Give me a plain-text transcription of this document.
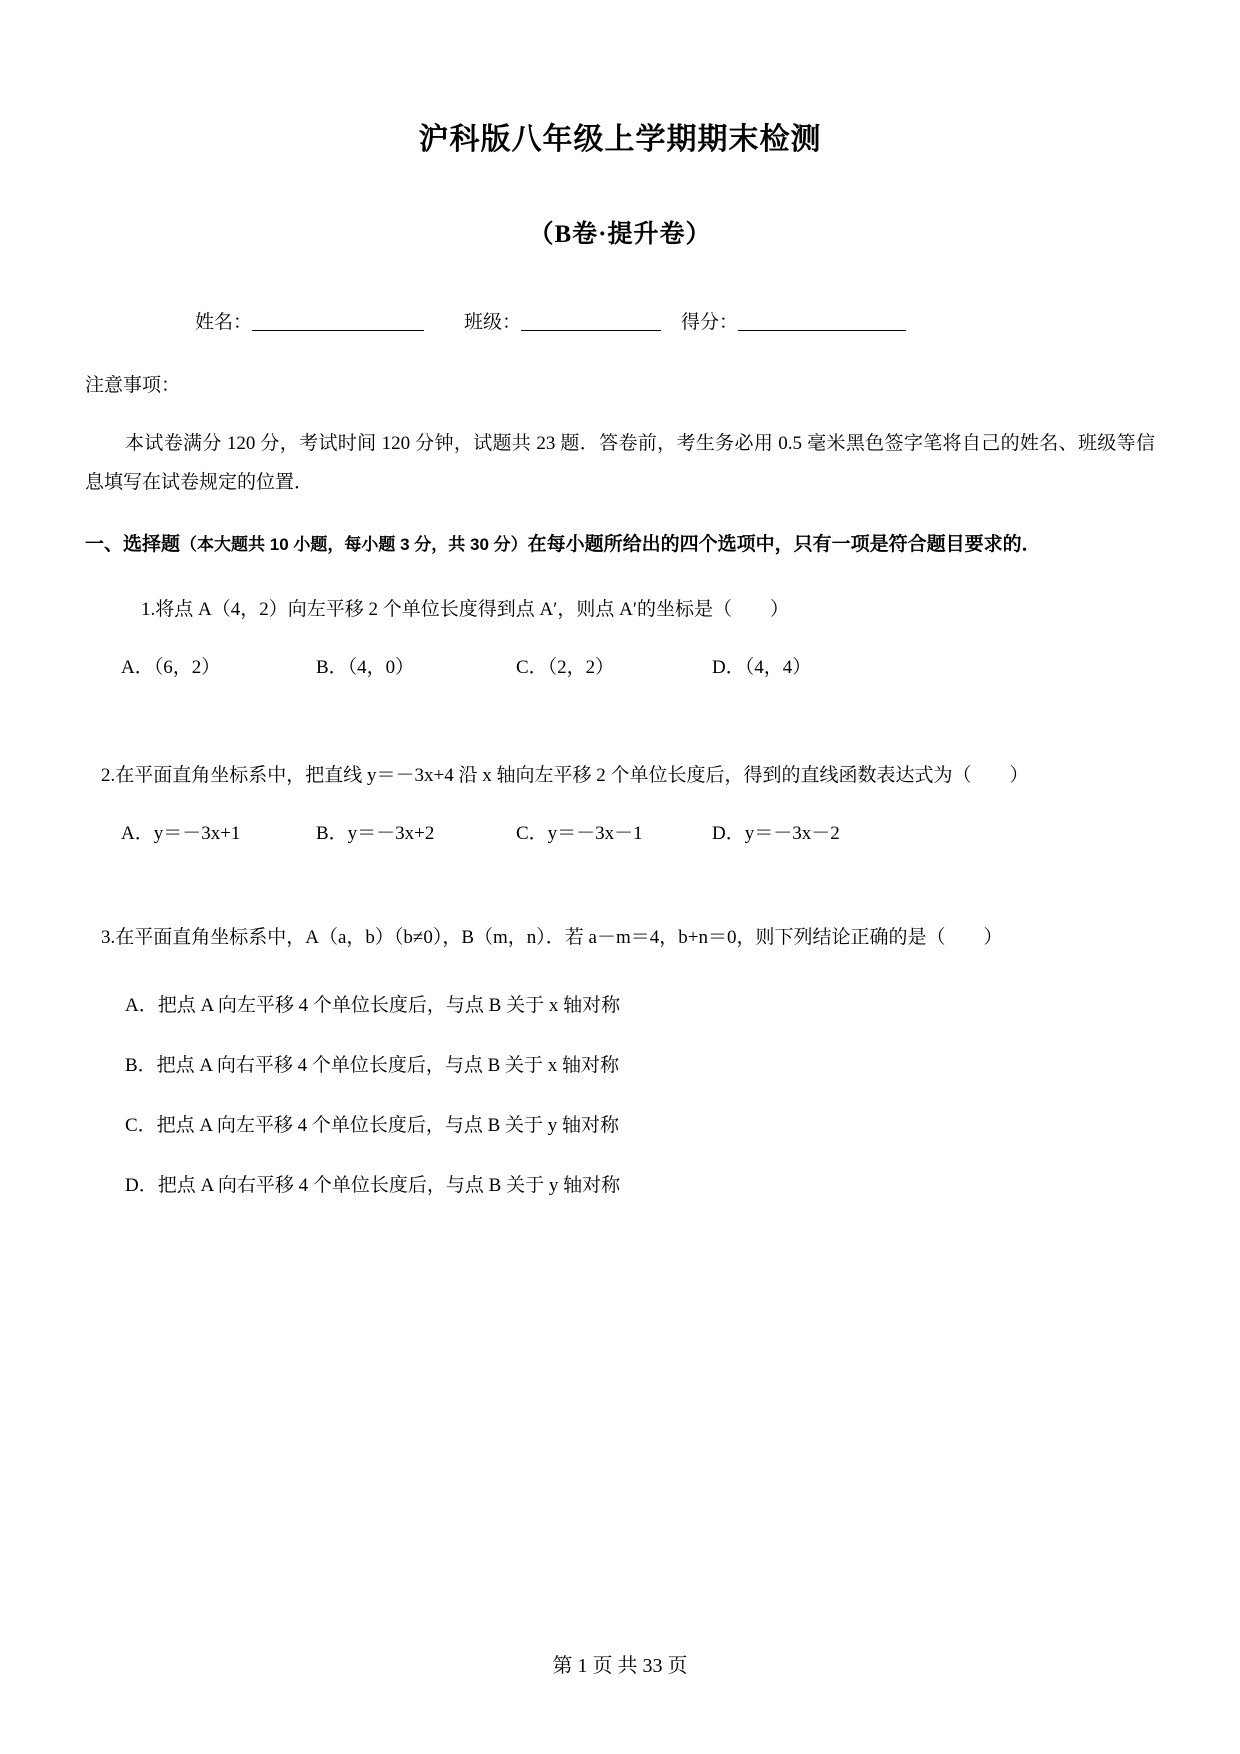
沪科版八年级上学期期末检测
（B卷·提升卷）
姓名：	班级：	得分：

注意事项：

本试卷满分 120 分，考试时间 120 分钟，试题共 23 题．答卷前，考生务必用 0.5 毫米黑色签字笔将自己的姓名、班级等信息填写在试卷规定的位置．

一、选择题（本大题共 10 小题，每小题 3 分，共 30 分）在每小题所给出的四个选项中，只有一项是符合题目要求的．

1.将点 A（4，2）向左平移 2 个单位长度得到点 A′，则点 A′的坐标是（　　）

A．（6，2）	B．（4，0）	C．（2，2）	D．（4，4）

2.在平面直角坐标系中，把直线 y＝－3x+4 沿 x 轴向左平移 2 个单位长度后，得到的直线函数表达式为（　　）

A．y＝－3x+1	B．y＝－3x+2	C．y＝－3x－1	D．y＝－3x－2

3.在平面直角坐标系中，A（a，b）（b≠0），B（m，n）．若 a－m＝4，b+n＝0，则下列结论正确的是（　　）

A．把点 A 向左平移 4 个单位长度后，与点 B 关于 x 轴对称

B．把点 A 向右平移 4 个单位长度后，与点 B 关于 x 轴对称

C．把点 A 向左平移 4 个单位长度后，与点 B 关于 y 轴对称

D．把点 A 向右平移 4 个单位长度后，与点 B 关于 y 轴对称

第 1 页 共 33 页
